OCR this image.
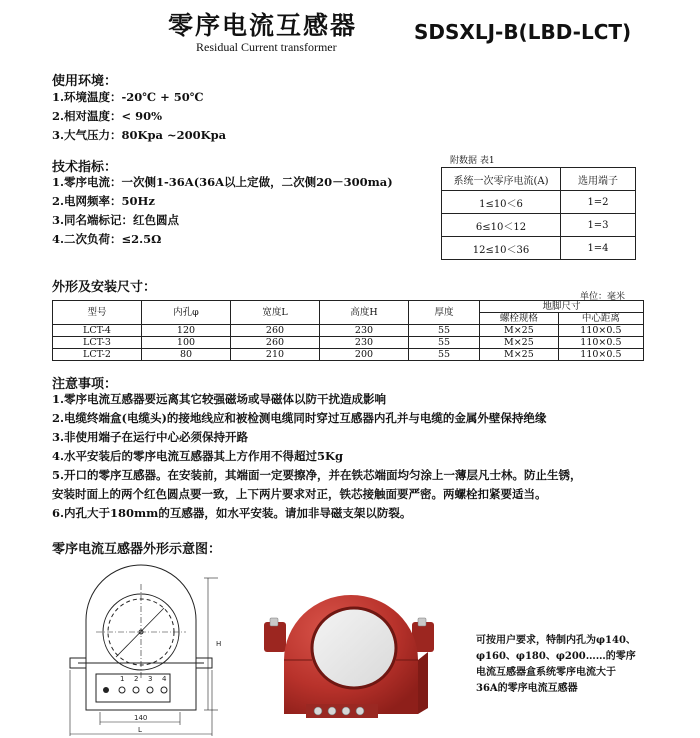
零序电流互感器	SDSXLJ-B(LBD-LCT)
Residual Current transformer
使用环境：
1.环境温度：-20℃ + 50℃
2.相对温度：< 90%
3.大气压力：80Kpa ~200Kpa
技术指标：
1.零序电流：一次侧1-36A(36A以上定做，二次侧20－300ma)
2.电网频率：50Hz
3.同名端标记：红色圆点
4.二次负荷：≤2.5Ω
附数据 表1
系统一次零序电流(A)	选用端子
1≤10＜6	1=2
6≤10＜12	1=3
12≤10＜36	1=4
外形及安装尺寸：
单位：毫米
型号	内孔φ	宽度L	高度H	厚度	地脚尺寸	
					螺栓规格	中心距离
LCT-4	120	260	230	55	M×25	110×0.5
LCT-3	100	260	230	55	M×25	110×0.5
LCT-2	80	210	200	55	M×25	110×0.5
注意事项：
1.零序电流互感器要远离其它较强磁场或导磁体以防干扰造成影响
2.电缆终端盒(电缆头)的接地线应和被检测电缆同时穿过互感器内孔并与电缆的金属外壁保持绝缘
3.非使用端子在运行中心必须保持开路
4.水平安装后的零序电流互感器其上方作用不得超过5Kg
5.开口的零序互感器。在安装前，其端面一定要擦净，并在铁芯端面均匀涂上一薄层凡士林。防止生锈，
安装时面上的两个红色圆点要一致，上下两片要求对正，铁芯接触面要严密。两螺栓扣紧要适当。
6.内孔大于180mm的互感器，如水平安装。请加非导磁支架以防裂。
零序电流互感器外形示意图：
1 2 3 4
140
L
H	可按用户要求，特制内孔为φ140、
φ160、φ180、φ200……的零序
电流互感器盒系统零序电流大于
36A的零序电流互感器
